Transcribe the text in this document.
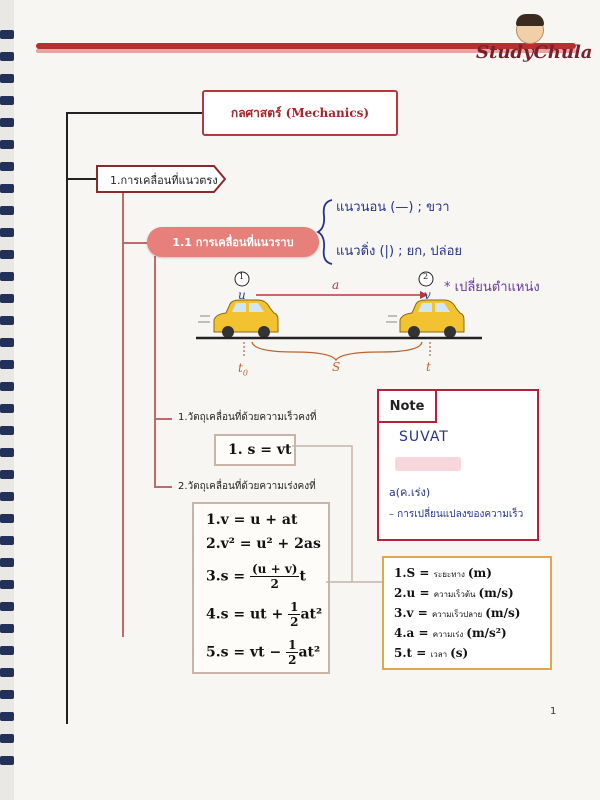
StudyChula
กลศาสตร์ (Mechanics)
1.การเคลื่อนที่แนวตรง
1.1 การเคลื่อนที่แนวราบ
แนวนอน (—) ; ขวา
แนวดิ่ง (|) ; ยก, ปล่อย
* เปลี่ยนตำแหน่ง
1	2
u
a
v
$t_0$	S	t
1.วัตถุเคลื่อนที่ด้วยความเร็วคงที่
1. s = vt
2.วัตถุเคลื่อนที่ด้วยความเร่งคงที่
1.v = u + at
2.v² = u² + 2as
$3.s = \frac{(u + v)}{2}$ t
4.s = ut + $\frac{1}{2} at^2$
5.s = vt − $\frac{1}{2} at^2$
Note
SUVAT
a(ค.เร่ง)
– การเปลี่ยนแปลงของความเร็ว
1.S = ระยะทาง (m)
2.u = ความเร็วต้น (m/s)
3.v = ความเร็วปลาย (m/s)
4.a = ความเร่ง (m/s²)
5.t = เวลา (s)
1
